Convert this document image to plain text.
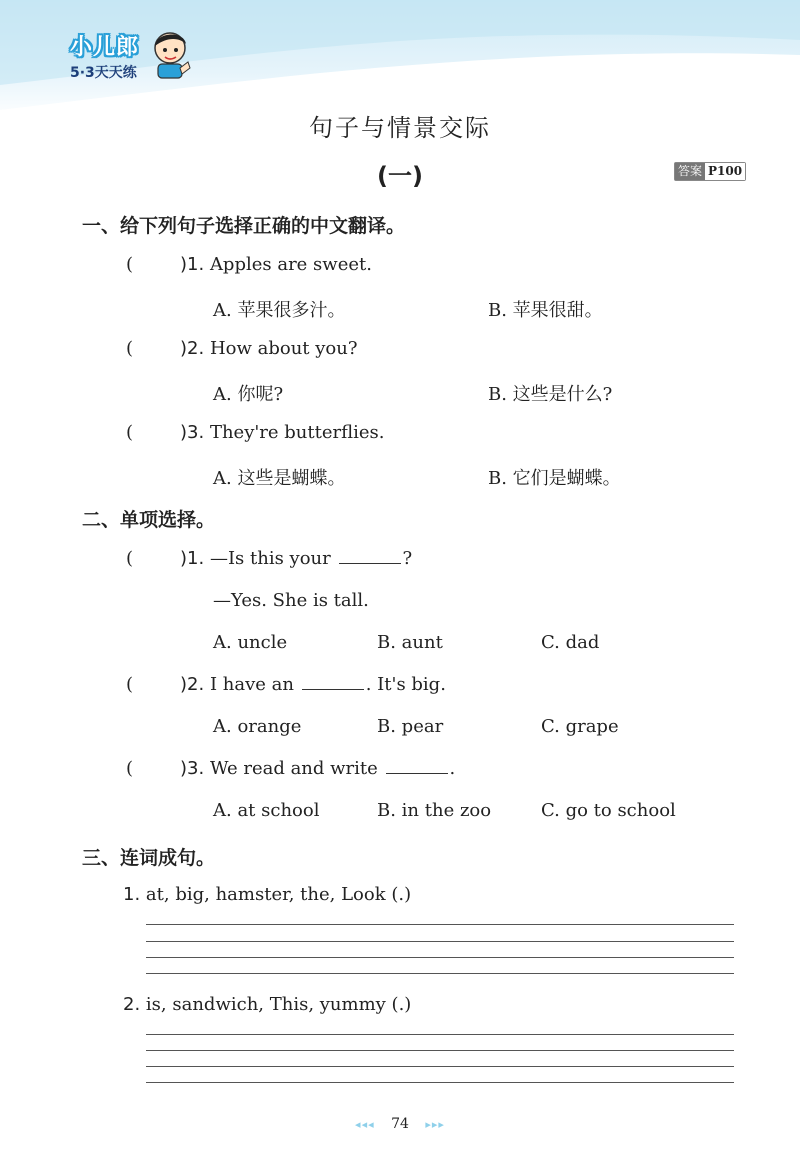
小儿郎
5·3天天练
句子与情景交际
(一)	答案 P100
一、给下列句子选择正确的中文翻译。
(	)1. Apples are sweet.
A. 苹果很多汁。	B. 苹果很甜。
(	)2. How about you?
A. 你呢?	B. 这些是什么?
(	)3. They're butterflies.
A. 这些是蝴蝶。	B. 它们是蝴蝶。
二、单项选择。
(	)1. —Is this your	?
—Yes. She is tall.
A. uncle	B. aunt	C. dad
(	)2. I have an	. It's big.
A. orange	B. pear	C. grape
(	)3. We read and write	.
A. at school	B. in the zoo	C. go to school
三、连词成句。
1. at, big, hamster, the, Look (.)
2. is, sandwich, This, yummy (.)
◂◂◂ 74 ▸▸▸
